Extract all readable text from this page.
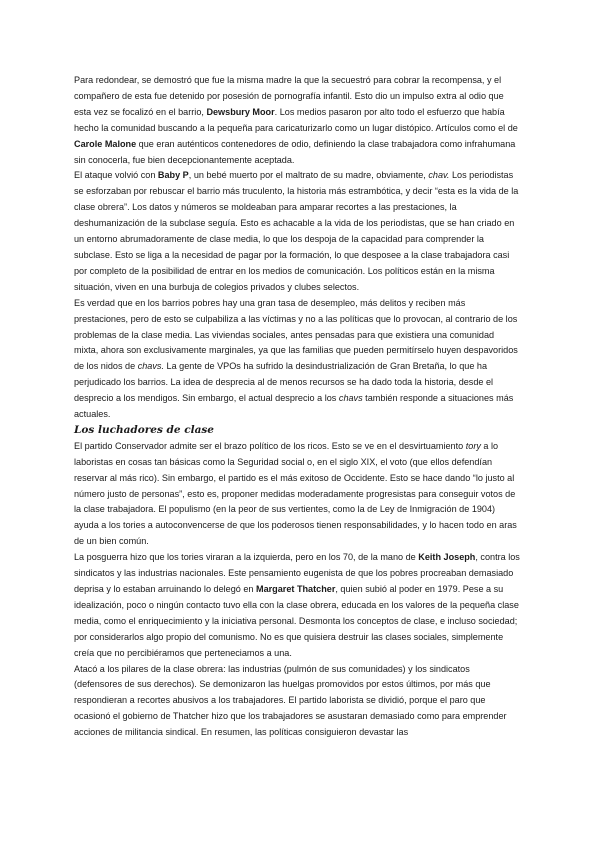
Para redondear, se demostró que fue la misma madre la que la secuestró para cobrar la recompensa, y el compañero de esta fue detenido por posesión de pornografía infantil. Esto dio un impulso extra al odio que esta vez se focalizó en el barrio, Dewsbury Moor. Los medios pasaron por alto todo el esfuerzo que había hecho la comunidad buscando a la pequeña para caricaturizarlo como un lugar distópico. Artículos como el de Carole Malone que eran auténticos contenedores de odio, definiendo la clase trabajadora como infrahumana sin conocerla, fue bien decepcionantemente aceptada.

El ataque volvió con Baby P, un bebé muerto por el maltrato de su madre, obviamente, chav. Los periodistas se esforzaban por rebuscar el barrio más truculento, la historia más estrambótica, y decir “esta es la vida de la clase obrera”. Los datos y números se moldeaban para amparar recortes a las prestaciones, la deshumanización de la subclase seguía. Esto es achacable a la vida de los periodistas, que se han criado en un entorno abrumadoramente de clase media, lo que los despoja de la capacidad para comprender la subclase. Esto se liga a la necesidad de pagar por la formación, lo que desposee a la clase trabajadora casi por completo de la posibilidad de entrar en los medios de comunicación. Los políticos están en la misma situación, viven en una burbuja de colegios privados y clubes selectos.

Es verdad que en los barrios pobres hay una gran tasa de desempleo, más delitos y reciben más prestaciones, pero de esto se culpabiliza a las víctimas y no a las políticas que lo provocan, al contrario de los problemas de la clase media. Las viviendas sociales, antes pensadas para que existiera una comunidad mixta, ahora son exclusivamente marginales, ya que las familias que pueden permitírselo huyen despavoridos de los nidos de chavs. La gente de VPOs ha sufrido la desindustrialización de Gran Bretaña, lo que ha perjudicado los barrios. La idea de desprecia al de menos recursos se ha dado toda la historia, desde el desprecio a los mendigos. Sin embargo, el actual desprecio a los chavs también responde a situaciones más actuales.

Los luchadores de clase

El partido Conservador admite ser el brazo político de los ricos. Esto se ve en el desvirtuamiento tory a lo laboristas en cosas tan básicas como la Seguridad social o, en el siglo XIX, el voto (que ellos defendían reservar al más rico). Sin embargo, el partido es el más exitoso de Occidente. Esto se hace dando “lo justo al número justo de personas”, esto es, proponer medidas moderadamente progresistas para conseguir votos de la clase trabajadora. El populismo (en la peor de sus vertientes, como la de Ley de Inmigración de 1904) ayuda a los tories a autoconvencerse de que los poderosos tienen responsabilidades, y lo hacen todo en aras de un bien común.

La posguerra hizo que los tories viraran a la izquierda, pero en los 70, de la mano de Keith Joseph, contra los sindicatos y las industrias nacionales. Este pensamiento eugenista de que los pobres procreaban demasiado deprisa y lo estaban arruinando lo delegó en Margaret Thatcher, quien subió al poder en 1979. Pese a su idealización, poco o ningún contacto tuvo ella con la clase obrera, educada en los valores de la pequeña clase media, como el enriquecimiento y la iniciativa personal. Desmonta los conceptos de clase, e incluso sociedad; por considerarlos algo propio del comunismo. No es que quisiera destruir las clases sociales, simplemente creía que no percibiéramos que perteneciamos a una.

Atacó a los pilares de la clase obrera: las industrias (pulmón de sus comunidades) y los sindicatos (defensores de sus derechos). Se demonizaron las huelgas promovidos por estos últimos, por más que respondieran a recortes abusivos a los trabajadores. El partido laborista se dividió, porque el paro que ocasionó el gobierno de Thatcher hizo que los trabajadores se asustaran demasiado como para emprender acciones de militancia sindical. En resumen, las políticas consiguieron devastar las
